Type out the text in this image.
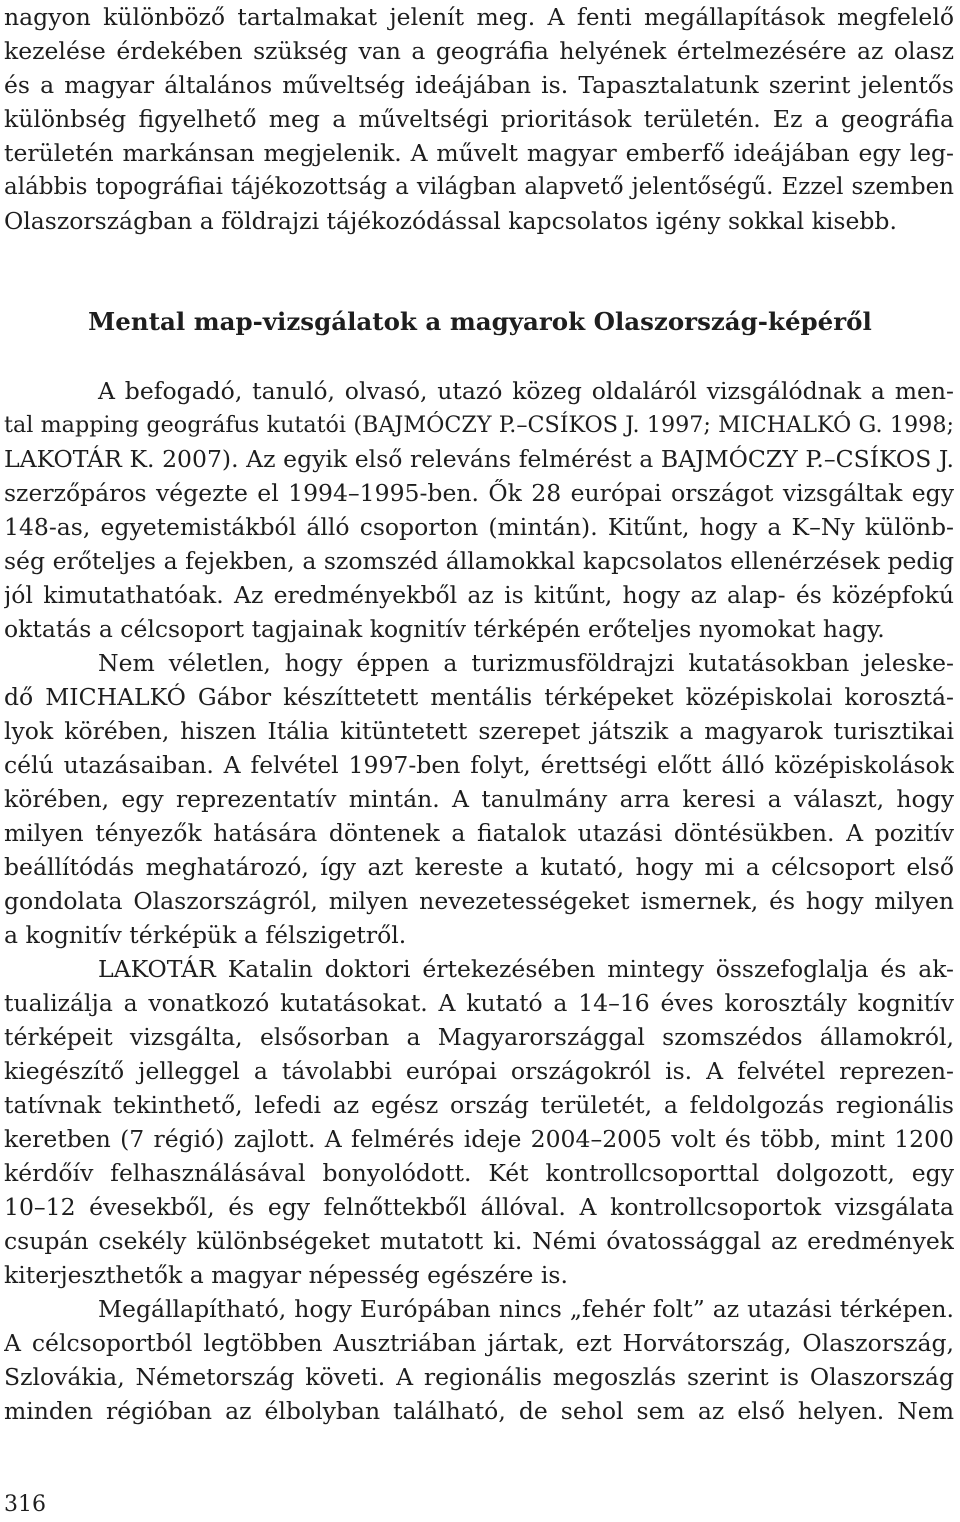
nagyon különböző tartalmakat jelenít meg. A fenti megállapítások megfelelő
kezelése érdekében szükség van a geográfia helyének értelmezésére az olasz
és a magyar általános műveltség ideájában is. Tapasztalatunk szerint jelentős
különbség figyelhető meg a műveltségi prioritások területén. Ez a geográfia
területén markánsan megjelenik. A művelt magyar emberfő ideájában egy leg-
alábbis topográfiai tájékozottság a világban alapvető jelentőségű. Ezzel szemben
Olaszországban a földrajzi tájékozódással kapcsolatos igény sokkal kisebb.
Mental map-vizsgálatok a magyarok Olaszország-képéről
A befogadó, tanuló, olvasó, utazó közeg oldaláról vizsgálódnak a men-
tal mapping geográfus kutatói (BAJMÓCZY P.–CSÍKOS J. 1997; MICHALKÓ G. 1998;
LAKOTÁR K. 2007). Az egyik első releváns felmérést a BAJMÓCZY P.–CSÍKOS J.
szerzőpáros végezte el 1994–1995-ben. Ők 28 európai országot vizsgáltak egy
148-as, egyetemistákból álló csoporton (mintán). Kitűnt, hogy a K–Ny különb-
ség erőteljes a fejekben, a szomszéd államokkal kapcsolatos ellenérzések pedig
jól kimutathatóak. Az eredményekből az is kitűnt, hogy az alap- és középfokú
oktatás a célcsoport tagjainak kognitív térképén erőteljes nyomokat hagy.
Nem véletlen, hogy éppen a turizmusföldrajzi kutatásokban jeleske-
dő MICHALKÓ Gábor készíttetett mentális térképeket középiskolai korosztá-
lyok körében, hiszen Itália kitüntetett szerepet játszik a magyarok turisztikai
célú utazásaiban. A felvétel 1997-ben folyt, érettségi előtt álló középiskolások
körében, egy reprezentatív mintán. A tanulmány arra keresi a választ, hogy
milyen tényezők hatására döntenek a fiatalok utazási döntésükben. A pozitív
beállítódás meghatározó, így azt kereste a kutató, hogy mi a célcsoport első
gondolata Olaszországról, milyen nevezetességeket ismernek, és hogy milyen
a kognitív térképük a félszigetről.
LAKOTÁR Katalin doktori értekezésében mintegy összefoglalja és ak-
tualizálja a vonatkozó kutatásokat. A kutató a 14–16 éves korosztály kognitív
térképeit vizsgálta, elsősorban a Magyarországgal szomszédos államokról,
kiegészítő jelleggel a távolabbi európai országokról is. A felvétel reprezen-
tatívnak tekinthető, lefedi az egész ország területét, a feldolgozás regionális
keretben (7 régió) zajlott. A felmérés ideje 2004–2005 volt és több, mint 1200
kérdőív felhasználásával bonyolódott. Két kontrollcsoporttal dolgozott, egy
10–12 évesekből, és egy felnőttekből állóval. A kontrollcsoportok vizsgálata
csupán csekély különbségeket mutatott ki. Némi óvatossággal az eredmények
kiterjeszthetők a magyar népesség egészére is.
Megállapítható, hogy Európában nincs „fehér folt” az utazási térképen.
A célcsoportból legtöbben Ausztriában jártak, ezt Horvátország, Olaszország,
Szlovákia, Németország követi. A regionális megoszlás szerint is Olaszország
minden régióban az élbolyban található, de sehol sem az első helyen. Nem
316
